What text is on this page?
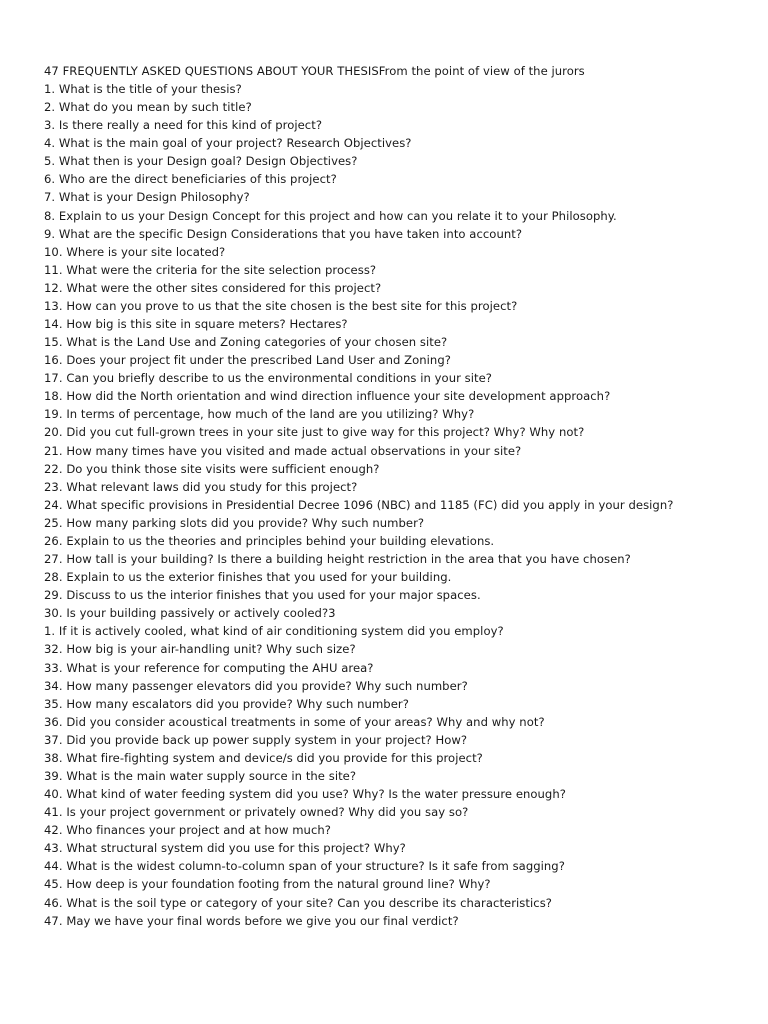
47 FREQUENTLY ASKED QUESTIONS ABOUT YOUR THESISFrom the point of view of the jurors
1. What is the title of your thesis?
2. What do you mean by such title?
3. Is there really a need for this kind of project?
4. What is the main goal of your project? Research Objectives?
5. What then is your Design goal? Design Objectives?
6. Who are the direct beneficiaries of this project?
7. What is your Design Philosophy?
8. Explain to us your Design Concept for this project and how can you relate it to your Philosophy.
9. What are the specific Design Considerations that you have taken into account?
10. Where is your site located?
11. What were the criteria for the site selection process?
12. What were the other sites considered for this project?
13. How can you prove to us that the site chosen is the best site for this project?
14. How big is this site in square meters? Hectares?
15. What is the Land Use and Zoning categories of your chosen site?
16. Does your project fit under the prescribed Land User and Zoning?
17. Can you briefly describe to us the environmental conditions in your site?
18. How did the North orientation and wind direction influence your site development approach?
19. In terms of percentage, how much of the land are you utilizing? Why?
20. Did you cut full-grown trees in your site just to give way for this project? Why? Why not?
21. How many times have you visited and made actual observations in your site?
22. Do you think those site visits were sufficient enough?
23. What relevant laws did you study for this project?
24. What specific provisions in Presidential Decree 1096 (NBC) and 1185 (FC) did you apply in your design?
25. How many parking slots did you provide? Why such number?
26. Explain to us the theories and principles behind your building elevations.
27. How tall is your building? Is there a building height restriction in the area that you have chosen?
28. Explain to us the exterior finishes that you used for your building.
29. Discuss to us the interior finishes that you used for your major spaces.
30. Is your building passively or actively cooled?3
1. If it is actively cooled, what kind of air conditioning system did you employ?
32. How big is your air-handling unit? Why such size?
33. What is your reference for computing the AHU area?
34. How many passenger elevators did you provide? Why such number?
35. How many escalators did you provide? Why such number?
36. Did you consider acoustical treatments in some of your areas? Why and why not?
37. Did you provide back up power supply system in your project? How?
38. What fire-fighting system and device/s did you provide for this project?
39. What is the main water supply source in the site?
40. What kind of water feeding system did you use? Why? Is the water pressure enough?
41. Is your project government or privately owned? Why did you say so?
42. Who finances your project and at how much?
43. What structural system did you use for this project? Why?
44. What is the widest column-to-column span of your structure? Is it safe from sagging?
45. How deep is your foundation footing from the natural ground line? Why?
46. What is the soil type or category of your site? Can you describe its characteristics?
47. May we have your final words before we give you our final verdict?
